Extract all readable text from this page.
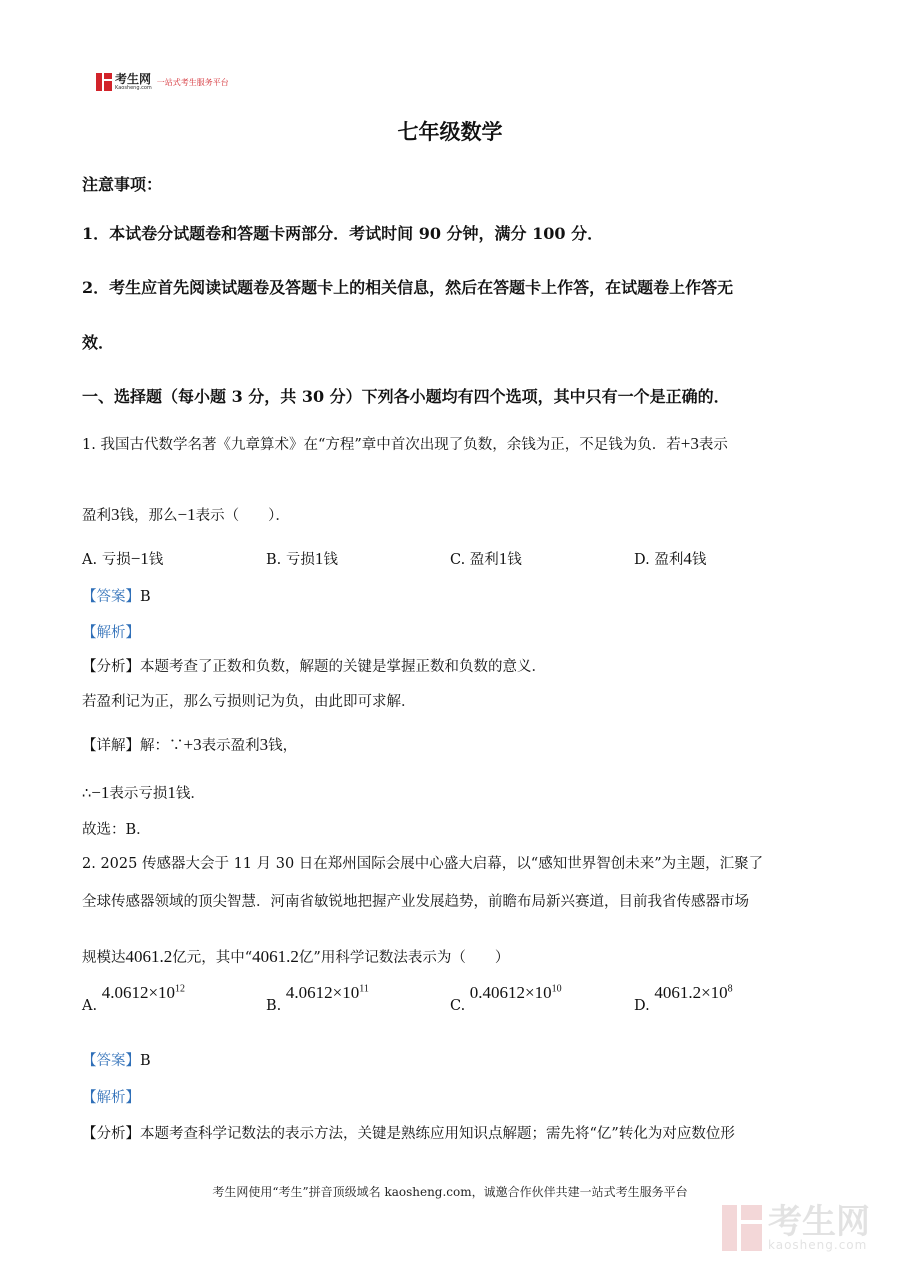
考生网
Kaosheng.com
一站式考生服务平台
七年级数学
注意事项：
1．本试卷分试题卷和答题卡两部分．考试时间 90 分钟，满分 100 分．
2．考生应首先阅读试题卷及答题卡上的相关信息，然后在答题卡上作答，在试题卷上作答无
效．
一、选择题（每小题 3 分，共 30 分）下列各小题均有四个选项，其中只有一个是正确的．
1. 我国古代数学名著《九章算术》在“方程”章中首次出现了负数，余钱为正，不足钱为负．若+3表示
盈利3钱，那么−1表示（　　）．
A. 亏损−1钱	B. 亏损1钱	C. 盈利1钱	D. 盈利4钱
【答案】B
【解析】
【分析】本题考查了正数和负数，解题的关键是掌握正数和负数的意义．
若盈利记为正，那么亏损则记为负，由此即可求解．
【详解】解：∵+3表示盈利3钱，
∴−1表示亏损1钱．
故选：B．
2. 2025 传感器大会于 11 月 30 日在郑州国际会展中心盛大启幕，以“感知世界智创未来”为主题，汇聚了
全球传感器领域的顶尖智慧．河南省敏锐地把握产业发展趋势，前瞻布局新兴赛道，目前我省传感器市场
规模达4061.2亿元，其中“4061.2亿”用科学记数法表示为（　　）
A. $4.0612\times 10^{12}$
B. $4.0612\times 10^{11}$
C. $0.40612\times 10^{10}$
D. $4061.2\times 10^8$
【答案】B
【解析】
【分析】本题考查科学记数法的表示方法，关键是熟练应用知识点解题；需先将“亿”转化为对应数位形
考生网使用“考生”拼音顶级域名 kaosheng.com，诚邀合作伙伴共建一站式考生服务平台
考生网
kaosheng.com
